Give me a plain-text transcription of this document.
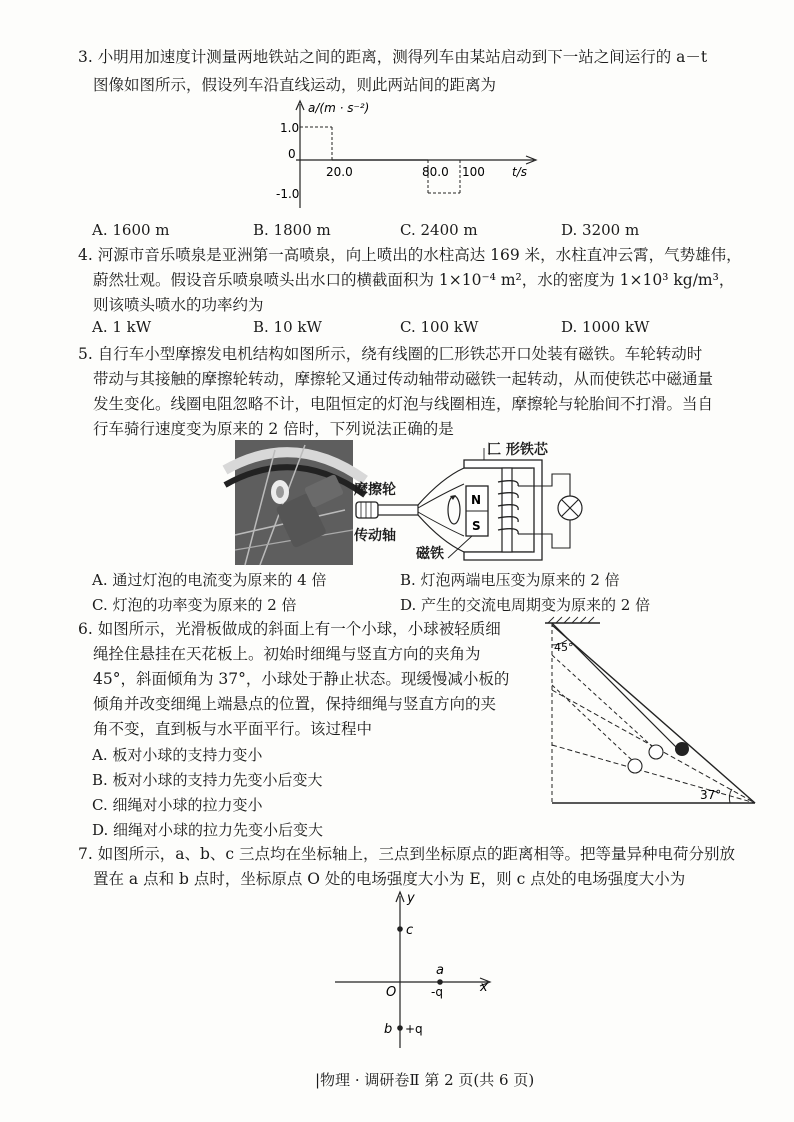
3. 小明用加速度计测量两地铁站之间的距离，测得列车由某站启动到下一站之间运行的 a－t
图像如图所示，假设列车沿直线运动，则此两站间的距离为
1.0
-1.0
0
20.0	80.0 100
a/(m · s⁻²)
t/s
A. 1600 m	B. 1800 m	C. 2400 m	D. 3200 m
4. 河源市音乐喷泉是亚洲第一高喷泉，向上喷出的水柱高达 169 米，水柱直冲云霄，气势雄伟，
蔚然壮观。假设音乐喷泉喷头出水口的横截面积为 1×10⁻⁴ m²，水的密度为 1×10³ kg/m³，
则该喷头喷水的功率约为
A. 1 kW	B. 10 kW	C. 100 kW	D. 1000 kW
5. 自行车小型摩擦发电机结构如图所示，绕有线圈的匚形铁芯开口处装有磁铁。车轮转动时
带动与其接触的摩擦轮转动，摩擦轮又通过传动轴带动磁铁一起转动，从而使铁芯中磁通量
发生变化。线圈电阻忽略不计，电阻恒定的灯泡与线圈相连，摩擦轮与轮胎间不打滑。当自
行车骑行速度变为原来的 2 倍时，下列说法正确的是
N
S
匚 形铁芯
摩擦轮
传动轴
磁铁
A. 通过灯泡的电流变为原来的 4 倍	B. 灯泡两端电压变为原来的 2 倍
C. 灯泡的功率变为原来的 2 倍	D. 产生的交流电周期变为原来的 2 倍
6. 如图所示，光滑板做成的斜面上有一个小球，小球被轻质细
绳拴住悬挂在天花板上。初始时细绳与竖直方向的夹角为
45°，斜面倾角为 37°，小球处于静止状态。现缓慢减小板的
倾角并改变细绳上端悬点的位置，保持细绳与竖直方向的夹
角不变，直到板与水平面平行。该过程中
A. 板对小球的支持力变小
B. 板对小球的支持力先变小后变大
C. 细绳对小球的拉力变小
D. 细绳对小球的拉力先变小后变大
45°
37°
7. 如图所示，a、b、c 三点均在坐标轴上，三点到坐标原点的距离相等。把等量异种电荷分别放
置在 a 点和 b 点时，坐标原点 O 处的电场强度大小为 E，则 c 点处的电场强度大小为
y
x
O
c
a
-q
b +q
|物理 · 调研卷Ⅱ 第 2 页(共 6 页)
